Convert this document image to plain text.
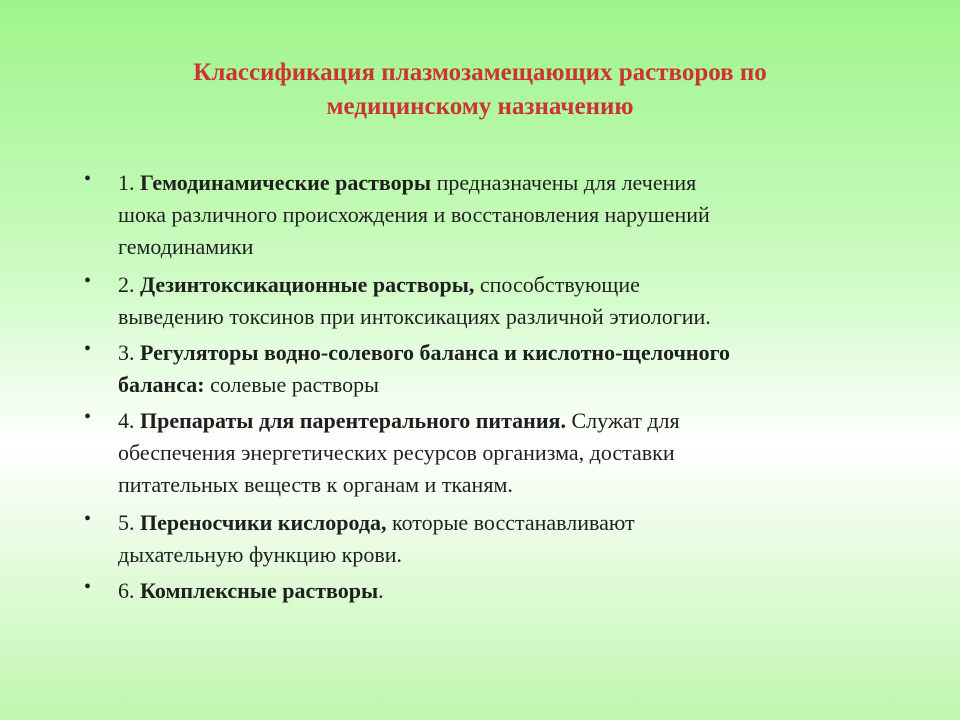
Классификация плазмозамещающих растворов по
медицинскому назначению
• 1. Гемодинамические растворы предназначены для лечения
шока различного происхождения и восстановления нарушений
гемодинамики
• 2. Дезинтоксикационные растворы, способствующие
выведению токсинов при интоксикациях различной этиологии.
• 3. Регуляторы водно-солевого баланса и кислотно-щелочного
баланса: солевые растворы
• 4. Препараты для парентерального питания. Служат для
обеспечения энергетических ресурсов организма, доставки
питательных веществ к органам и тканям.
• 5. Переносчики кислорода, которые восстанавливают
дыхательную функцию крови.
• 6. Комплексные растворы.
